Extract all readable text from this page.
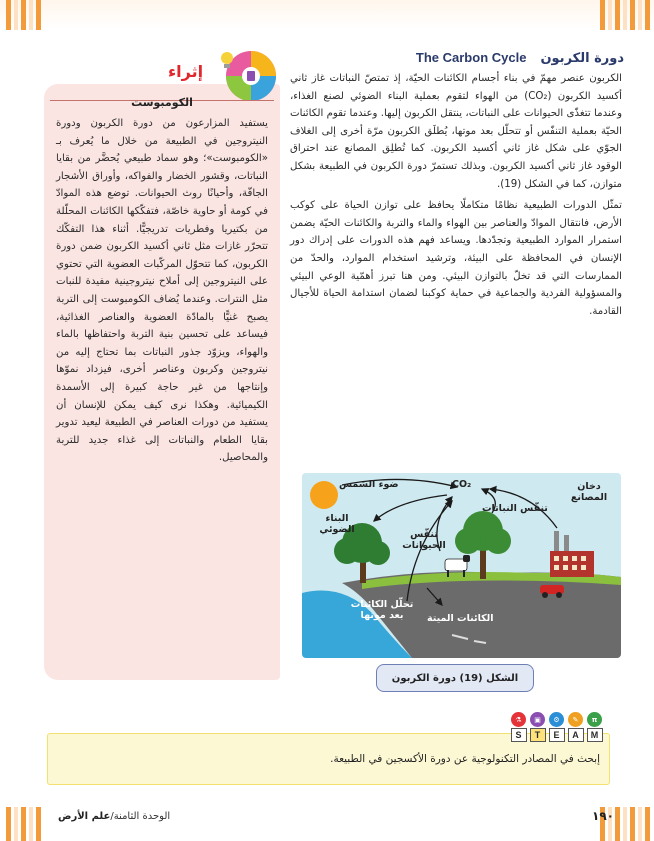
The Carbon Cycle دورة الكربون

الكربون عنصر مهمّ في بناء أجسام الكائنات الحيّة، إذ تمتصّ النباتات غاز ثاني أكسيد الكربون (CO₂) من الهواء لتقوم بعملية البناء الضوئي لصنع الغذاء، وعندما تتغذّى الحيوانات على النباتات، ينتقل الكربون إليها. وعندما تقوم الكائنات الحيّة بعملية التنفّس أو تتحلّل بعد موتها، يُطلَق الكربون مرّة أخرى إلى الغلاف الجوّي على شكل غاز ثاني أكسيد الكربون. كما تُطلِق المصانع عند احتراق الوقود غاز ثاني أكسيد الكربون. وبذلك تستمرّ دورة الكربون في الطبيعة بشكل متوازن، كما في الشكل (19).

تمثّل الدورات الطبيعية نظامًا متكاملًا يحافظ على توازن الحياة على كوكب الأرض، فانتقال الموادّ والعناصر بين الهواء والماء والتربة والكائنات الحيّة يضمن استمرار الموارد الطبيعية وتجدّدها. ويساعد فهم هذه الدورات على إدراك دور الإنسان في المحافظة على البيئة، وترشيد استخدام الموارد، والحدّ من الممارسات التي قد تخلّ بالتوازن البيئي. ومن هنا تبرز أهمّية الوعي البيئي والمسؤولية الفردية والجماعية في حماية كوكبنا لضمان استدامة الحياة للأجيال القادمة.

إثراء
الكومبوست
يستفيد المزارعون من دورة الكربون ودورة النيتروجين في الطبيعة من خلال ما يُعرف بـ «الكومبوست»؛ وهو سماد طبيعي يُحضَّر من بقايا النباتات، وقشور الخضار والفواكه، وأوراق الأشجار الجافّة، وأحيانًا روث الحيوانات. توضع هذه الموادّ في كومة أو حاوية خاصّة، فتفكّكها الكائنات المحلّلة من بكتيريا وفطريات تدريجيًّا. أثناء هذا التفكّك تتحرّر غازات مثل ثاني أكسيد الكربون ضمن دورة الكربون، كما تتحوّل المركّبات العضوية التي تحتوي على النيتروجين إلى أملاح نيتروجينية مفيدة للنبات مثل النترات. وعندما يُضاف الكومبوست إلى التربة يصبح غنيًّا بالمادّة العضوية والعناصر الغذائية، فيساعد على تحسين بنية التربة واحتفاظها بالماء والهواء، ويزوّد جذور النباتات بما تحتاج إليه من نيتروجين وكربون وعناصر أخرى، فيزداد نموّها وإنتاجها من غير حاجة كبيرة إلى الأسمدة الكيميائية. وهكذا نرى كيف يمكن للإنسان أن يستفيد من دورات العناصر في الطبيعة ليعيد تدوير بقايا الطعام والنباتات إلى غذاء جديد للتربة والمحاصيل.
ضوء الشمس	CO₂	دخان المصانع
تنفّس النباتات
البناء الضوئي	تنفّس الحيوانات
تحلّل الكائنات بعد موتها	الكائنات الميتة
الشكل (19) دورة الكربون
⚗
S
▣
T
⚙
E
✎
A
π
M
إبحث في المصادر التكنولوجية عن دورة الأكسجين في الطبيعة.
الوحدة الثامنة/علم الأرض	١٩٠
